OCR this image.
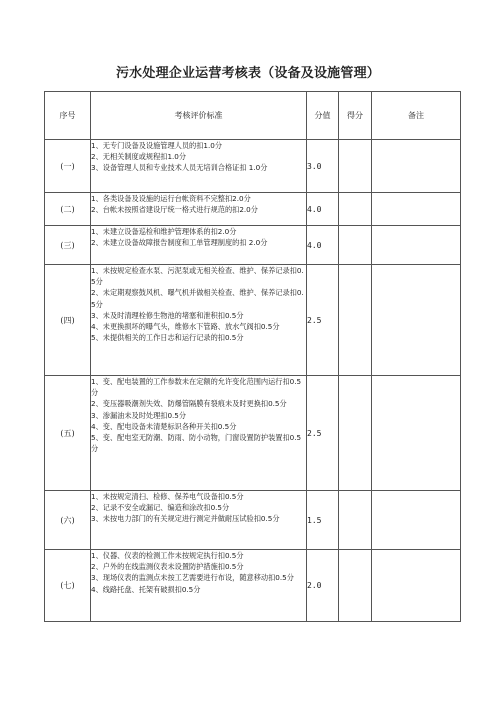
污水处理企业运营考核表（设备及设施管理）
序号	考核评价标准	分值	得分	备注
(一)	1、无专门设备及设施管理人员的扣1.0分
2、无相关制度或规程扣1.0分
3、设备管理人员和专业技术人员无培训合格证扣 1.0分	3.0		
(二)	1、各类设备及设施的运行台帐资料不完整扣2.0分
2、台帐未按照省建设厅统一格式进行规范的扣2.0分	4.0		
(三)	1、未建立设备巡检和维护管理体系的扣2.0分
2、未建立设备故障报告制度和工单管理制度的扣 2.0分	4.0		
(四)	1、未按规定检查水泵、污泥泵或无相关检查、维护、保养记录扣0.5分
2、未定期观察鼓风机、曝气机并做相关检查、维护、保养记录扣0.5分
3、未及时清理栓修生物池的堵塞和泄积扣0.5分
4、未更换损坏的曝气头，维修水下管路、放水气阀扣0.5分
5、未提供相关的工作日志和运行记录的扣0.5分	2.5		
(五)	1、变、配电装置的工作参数未在定额的允许变化范围内运行扣0.5分
2、变压器吸潮剂失效、防爆管隔膜有裂痕未及时更换扣0.5分
3、渗漏油未及时处理扣0.5分
4、变、配电设备未清楚标识各种开关扣0.5分
5、变、配电室无防潮、防雨、防小动物，门窗设置防护装置扣0.5分	2.5		
(六)	1、未按规定清扫、检修、保养电气设备扣0.5分
2、记录不安全或漏记、编造和涂改扣0.5分
3、未按电力部门的有关规定进行测定并做耐压试验扣0.5分	1.5		
(七)	1、仪器、仪表的检测工作未按规定执行扣0.5分
2、户外的在线监测仪表未设置防护措施扣0.5分
3、现场仪表的监测点未按工艺需要进行布设，随意移动扣0.5分
4、线路托盘、托架有破损扣0.5分	2.0		
